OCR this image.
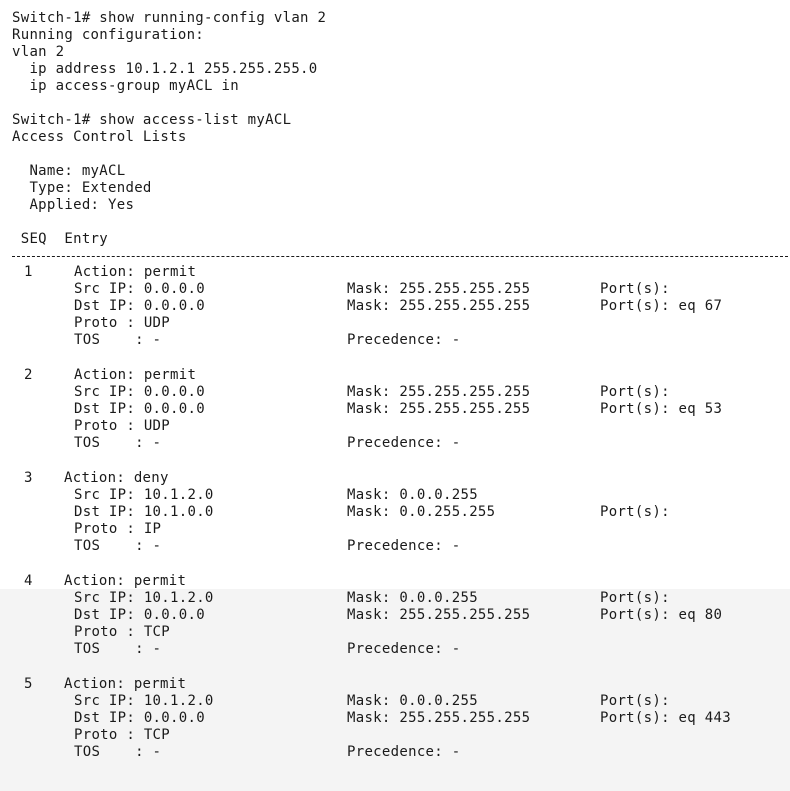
Switch-1# show running-config vlan 2
Running configuration:
vlan 2
ip address 10.1.2.1 255.255.255.0
ip access-group myACL in
Switch-1# show access-list myACL
Access Control Lists
Name: myACL
Type: Extended
Applied: Yes
SEQ  Entry
1	Action: permit
Src IP: 0.0.0.0	Mask: 255.255.255.255	Port(s):
Dst IP: 0.0.0.0	Mask: 255.255.255.255	Port(s): eq 67
Proto : UDP
TOS    : -	Precedence: -
2	Action: permit
Src IP: 0.0.0.0	Mask: 255.255.255.255	Port(s):
Dst IP: 0.0.0.0	Mask: 255.255.255.255	Port(s): eq 53
Proto : UDP
TOS    : -	Precedence: -
3 Action: deny
Src IP: 10.1.2.0	Mask: 0.0.0.255
Dst IP: 10.1.0.0	Mask: 0.0.255.255	Port(s):
Proto : IP
TOS    : -	Precedence: -
4 Action: permit
Src IP: 10.1.2.0	Mask: 0.0.0.255	Port(s):
Dst IP: 0.0.0.0	Mask: 255.255.255.255	Port(s): eq 80
Proto : TCP
TOS    : -	Precedence: -
5 Action: permit
Src IP: 10.1.2.0	Mask: 0.0.0.255	Port(s):
Dst IP: 0.0.0.0	Mask: 255.255.255.255	Port(s): eq 443
Proto : TCP
TOS    : -	Precedence: -
